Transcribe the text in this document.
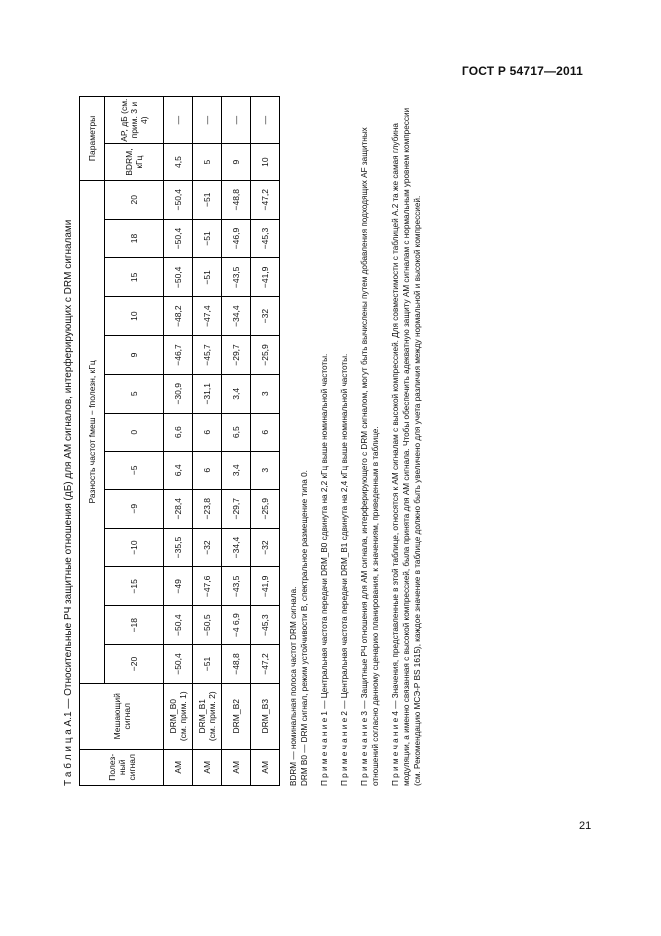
ГОСТ Р 54717—2011
Т а б л и ц а А.1 — Относительные РЧ защитные отношения (дБ) для AM сигналов, интерферирующих с DRM сигналами	Полез-
ный
сигнал	Мешающий
сигнал	Разность частот fмеш − fполезн, кГц													Параметры	
		−20	−18	−15	−10	−9	−5	0	5	9	10	15	18	20	BDRM, кГц	AP, дБ (см. прим. 3 и 4)
AM	DRM_B0
(см. прим. 1)	−50,4	−50,4	−49	−35,5	−28,4	6,4	6,6	−30,9	−46,7	−48,2	−50,4	−50,4	−50,4	4,5	—
AM	DRM_B1
(см. прим. 2)	−51	−50,5	−47,6	−32	−23,8	6	6	−31,1	−45,7	−47,4	−51	−51	−51	5	—
AM	DRM_B2	−48,8	−4 6,9	−43,5	−34,4	−29,7	3,4	6,5	3,4	−29,7	−34,4	−43,5	−46,9	−48,8	9	—
AM	DRM_B3	−47,2	−45,3	−41,9	−32	−25,9	3	6	3	−25,9	−32	−41,9	−45,3	−47,2	10	—

BDRM — номинальная полоса частот DRM сигнала. DRM B0 — DRM сигнал, режим устойчивости B, спектральное размещение типа 0. П р и м е ч а н и е 1 — Центральная частота передачи DRM_B0 сдвинута на 2,2 кГц выше номинальной частоты. П р и м е ч а н и е 2 — Центральная частота передачи DRM_B1 сдвинута на 2,4 кГц выше номинальной частоты. П р и м е ч а н и е 3 — Защитные РЧ отношения для AM сигнала, интерферирующего с DRM сигналом, могут быть вычислены путем добавления подходящих AF защитных отношений согласно данному сценарию планирования, к значениям, приведенным в таблице. П р и м е ч а н и е 4 — Значения, представленные в этой таблице, относятся к AM сигналам с высокой компрессией. Для совместимости с таблицей А.2 та же самая глубина модуляции, а именно связанная с высокой компрессией, была принята для AM сигнала. Чтобы обеспечить адекватную защиту AM сигналам с нормальным уровнем компрессии (см. Рекомендацию МСЭ-Р BS 1615), каждое значение в таблице должно быть увеличено для учета различия между нормальной и высокой компрессией.

21
